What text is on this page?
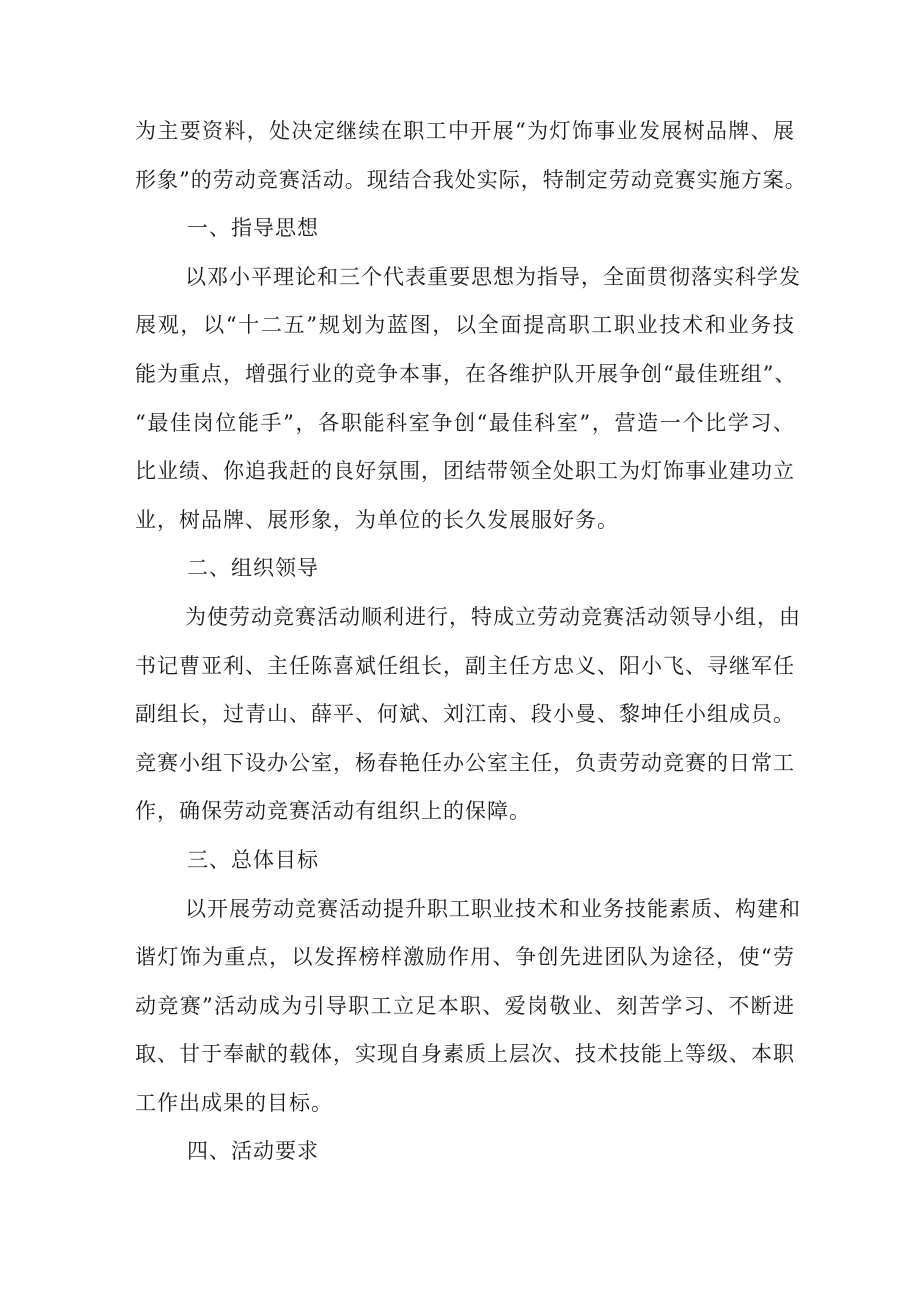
为主要资料，处决定继续在职工中开展“为灯饰事业发展树品牌、展
形象”的劳动竞赛活动。现结合我处实际，特制定劳动竞赛实施方案。
一、指导思想
以邓小平理论和三个代表重要思想为指导，全面贯彻落实科学发
展观，以“十二五”规划为蓝图，以全面提高职工职业技术和业务技
能为重点，增强行业的竞争本事，在各维护队开展争创“最佳班组”、
“最佳岗位能手”，各职能科室争创“最佳科室”，营造一个比学习、
比业绩、你追我赶的良好氛围，团结带领全处职工为灯饰事业建功立
业，树品牌、展形象，为单位的长久发展服好务。
二、组织领导
为使劳动竞赛活动顺利进行，特成立劳动竞赛活动领导小组，由
书记曹亚利、主任陈喜斌任组长，副主任方忠义、阳小飞、寻继军任
副组长，过青山、薛平、何斌、刘江南、段小曼、黎坤任小组成员。
竞赛小组下设办公室，杨春艳任办公室主任，负责劳动竞赛的日常工
作，确保劳动竞赛活动有组织上的保障。
三、总体目标
以开展劳动竞赛活动提升职工职业技术和业务技能素质、构建和
谐灯饰为重点，以发挥榜样激励作用、争创先进团队为途径，使“劳
动竞赛”活动成为引导职工立足本职、爱岗敬业、刻苦学习、不断进
取、甘于奉献的载体，实现自身素质上层次、技术技能上等级、本职
工作出成果的目标。
四、活动要求
